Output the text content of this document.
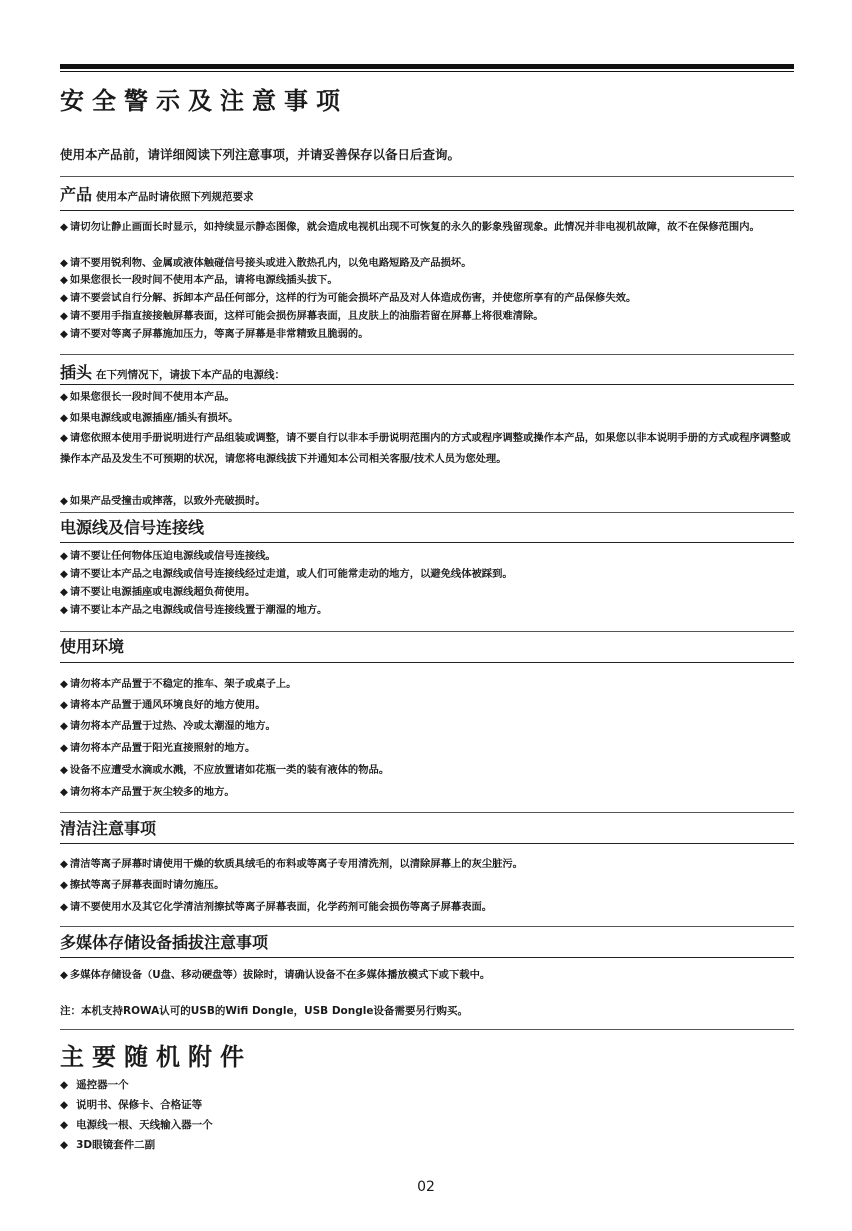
安全警示及注意事项
使用本产品前，请详细阅读下列注意事项，并请妥善保存以备日后查询。
产品 使用本产品时请依照下列规范要求
◆ 请切勿让静止画面长时显示，如持续显示静态图像，就会造成电视机出现不可恢复的永久的影象残留现象。此情况并非电视机故障，故不在保修范围内。
◆ 请不要用锐利物、金属或液体触碰信号接头或进入散热孔内，以免电路短路及产品损坏。
◆ 如果您很长一段时间不使用本产品，请将电源线插头拔下。
◆ 请不要尝试自行分解、拆卸本产品任何部分，这样的行为可能会损坏产品及对人体造成伤害，并使您所享有的产品保修失效。
◆ 请不要用手指直接接触屏幕表面，这样可能会损伤屏幕表面，且皮肤上的油脂若留在屏幕上将很难清除。
◆ 请不要对等离子屏幕施加压力，等离子屏幕是非常精致且脆弱的。
插头 在下列情况下，请拔下本产品的电源线：
◆ 如果您很长一段时间不使用本产品。
◆ 如果电源线或电源插座/插头有损坏。
◆ 请您依照本使用手册说明进行产品组装或调整，请不要自行以非本手册说明范围内的方式或程序调整或操作本产品，如果您以非本说明手册的方式或程序调整或操作本产品及发生不可预期的状况，请您将电源线拔下并通知本公司相关客服/技术人员为您处理。
◆ 如果产品受撞击或摔落，以致外壳破损时。
电源线及信号连接线
◆ 请不要让任何物体压迫电源线或信号连接线。
◆ 请不要让本产品之电源线或信号连接线经过走道，或人们可能常走动的地方，以避免线体被踩到。
◆ 请不要让电源插座或电源线超负荷使用。
◆ 请不要让本产品之电源线或信号连接线置于潮湿的地方。
使用环境
◆ 请勿将本产品置于不稳定的推车、架子或桌子上。
◆ 请将本产品置于通风环境良好的地方使用。
◆ 请勿将本产品置于过热、冷或太潮湿的地方。
◆ 请勿将本产品置于阳光直接照射的地方。
◆ 设备不应遭受水滴或水溅，不应放置诸如花瓶一类的装有液体的物品。
◆ 请勿将本产品置于灰尘较多的地方。
清洁注意事项
◆ 清洁等离子屏幕时请使用干燥的软质具绒毛的布料或等离子专用清洗剂，以清除屏幕上的灰尘脏污。
◆ 擦拭等离子屏幕表面时请勿施压。
◆ 请不要使用水及其它化学清洁剂擦拭等离子屏幕表面，化学药剂可能会损伤等离子屏幕表面。
多媒体存储设备插拔注意事项
◆ 多媒体存储设备（U盘、移动硬盘等）拔除时，请确认设备不在多媒体播放模式下或下载中。
注：本机支持ROWA认可的USB的Wifi Dongle，USB Dongle设备需要另行购买。
主要随机附件
◆ 遥控器一个
◆ 说明书、保修卡、合格证等
◆ 电源线一根、天线输入器一个
◆ 3D眼镜套件二副
02
